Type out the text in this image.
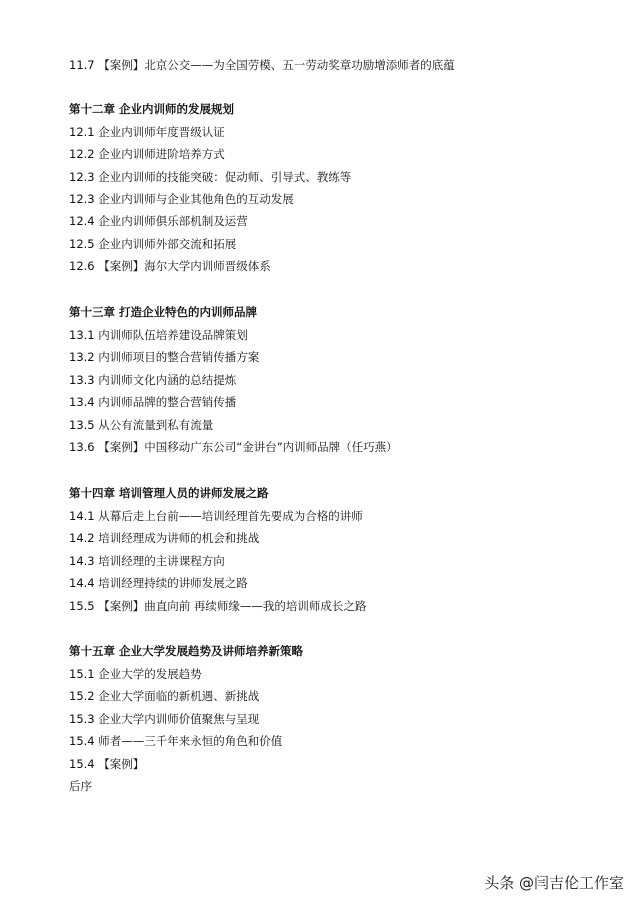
11.7 【案例】北京公交——为全国劳模、五一劳动奖章功励增添师者的底蕴
第十二章 企业内训师的发展规划
12.1 企业内训师年度晋级认证
12.2 企业内训师进阶培养方式
12.3 企业内训师的技能突破：促动师、引导式、教练等
12.3 企业内训师与企业其他角色的互动发展
12.4 企业内训师俱乐部机制及运营
12.5 企业内训师外部交流和拓展
12.6 【案例】海尔大学内训师晋级体系
第十三章 打造企业特色的内训师品牌
13.1 内训师队伍培养建设品牌策划
13.2 内训师项目的整合营销传播方案
13.3 内训师文化内涵的总结提炼
13.4 内训师品牌的整合营销传播
13.5 从公有流量到私有流量
13.6 【案例】中国移动广东公司“金讲台”内训师品牌（任巧燕）
第十四章 培训管理人员的讲师发展之路
14.1 从幕后走上台前——培训经理首先要成为合格的讲师
14.2 培训经理成为讲师的机会和挑战
14.3 培训经理的主讲课程方向
14.4 培训经理持续的讲师发展之路
15.5 【案例】曲直向前 再续师缘——我的培训师成长之路
第十五章 企业大学发展趋势及讲师培养新策略
15.1 企业大学的发展趋势
15.2 企业大学面临的新机遇、新挑战
15.3 企业大学内训师价值聚焦与呈现
15.4 师者——三千年来永恒的角色和价值
15.4 【案例】
后序
头条 @闫吉伦工作室
